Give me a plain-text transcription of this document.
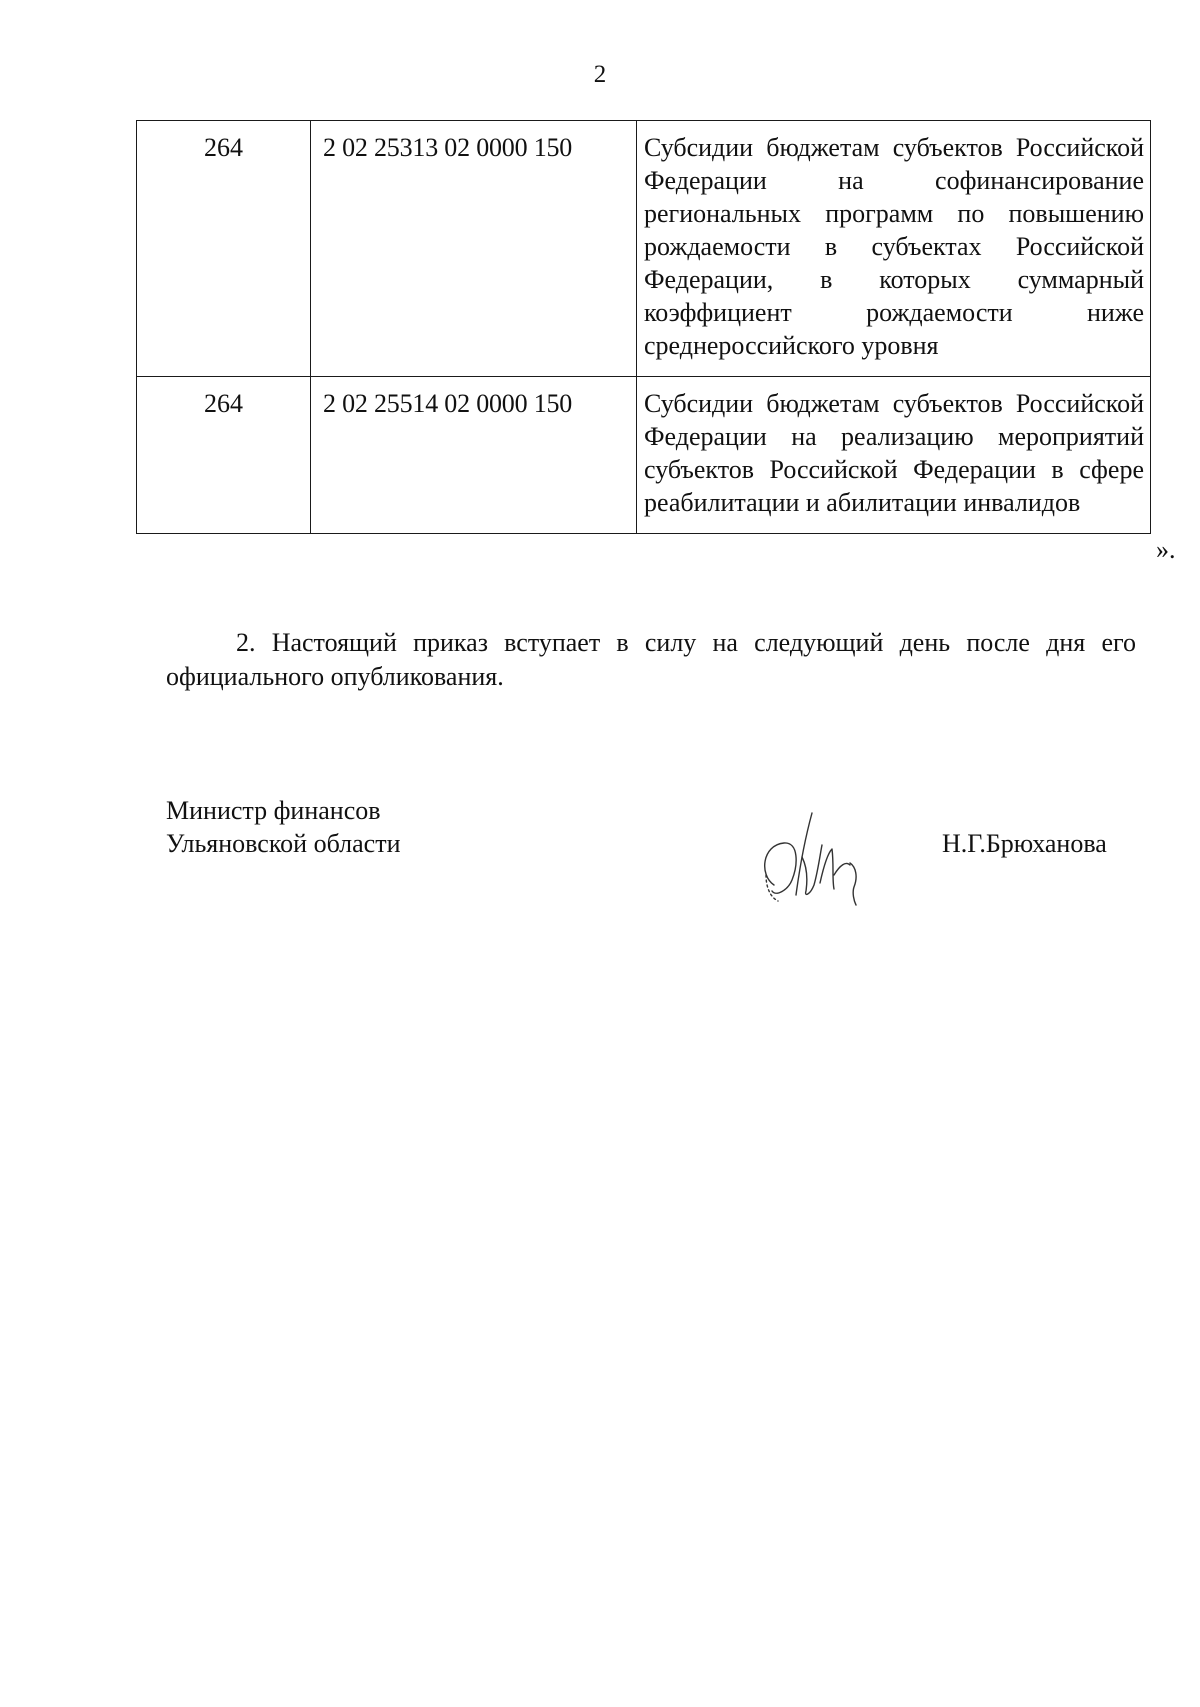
2
264	2 02 25313 02 0000 150	Субсидии бюджетам субъектов Российской Федерации на софинансирование региональных программ по повышению рождаемости в субъектах Российской Федерации, в которых суммарный коэффициент рождаемости ниже среднероссийского уровня
264	2 02 25514 02 0000 150	Субсидии бюджетам субъектов Российской Федерации на реализацию мероприятий субъектов Российской Федерации в сфере реабилитации и абилитации инвалидов
».
2. Настоящий приказ вступает в силу на следующий день после дня его официального опубликования.
Министр финансов
Ульяновской области	Н.Г.Брюханова
